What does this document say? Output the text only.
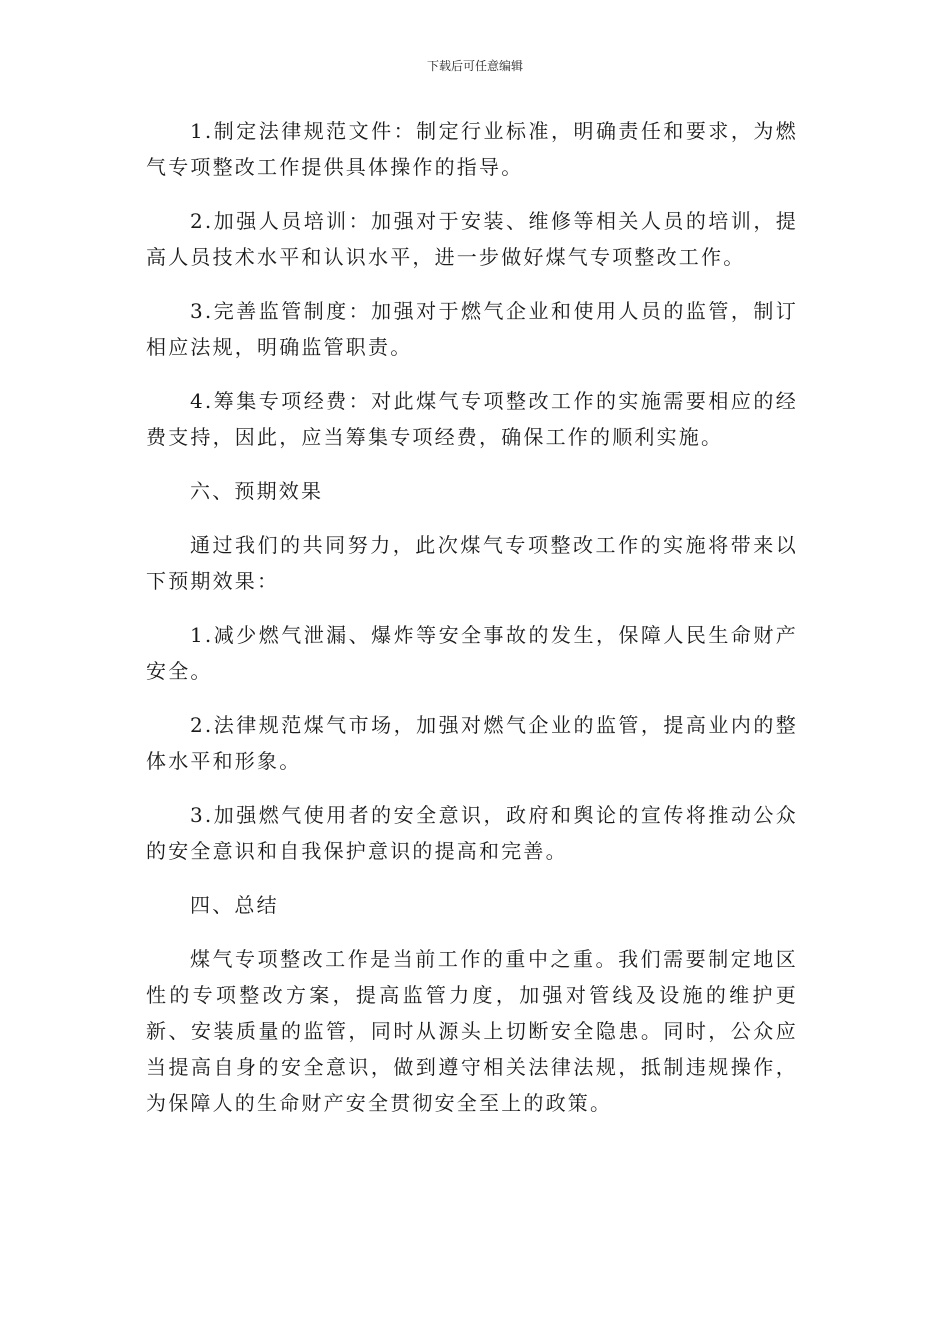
下载后可任意编辑

1.制定法律规范文件：制定行业标准，明确责任和要求，为燃气专项整改工作提供具体操作的指导。

2.加强人员培训：加强对于安装、维修等相关人员的培训，提高人员技术水平和认识水平，进一步做好煤气专项整改工作。

3.完善监管制度：加强对于燃气企业和使用人员的监管，制订相应法规，明确监管职责。

4.筹集专项经费：对此煤气专项整改工作的实施需要相应的经费支持，因此，应当筹集专项经费，确保工作的顺利实施。

六、预期效果

通过我们的共同努力，此次煤气专项整改工作的实施将带来以下预期效果：

1.减少燃气泄漏、爆炸等安全事故的发生，保障人民生命财产安全。

2.法律规范煤气市场，加强对燃气企业的监管，提高业内的整体水平和形象。

3.加强燃气使用者的安全意识，政府和舆论的宣传将推动公众的安全意识和自我保护意识的提高和完善。

四、总结

煤气专项整改工作是当前工作的重中之重。我们需要制定地区性的专项整改方案，提高监管力度，加强对管线及设施的维护更新、安装质量的监管，同时从源头上切断安全隐患。同时，公众应当提高自身的安全意识，做到遵守相关法律法规，抵制违规操作，为保障人的生命财产安全贯彻安全至上的政策。
